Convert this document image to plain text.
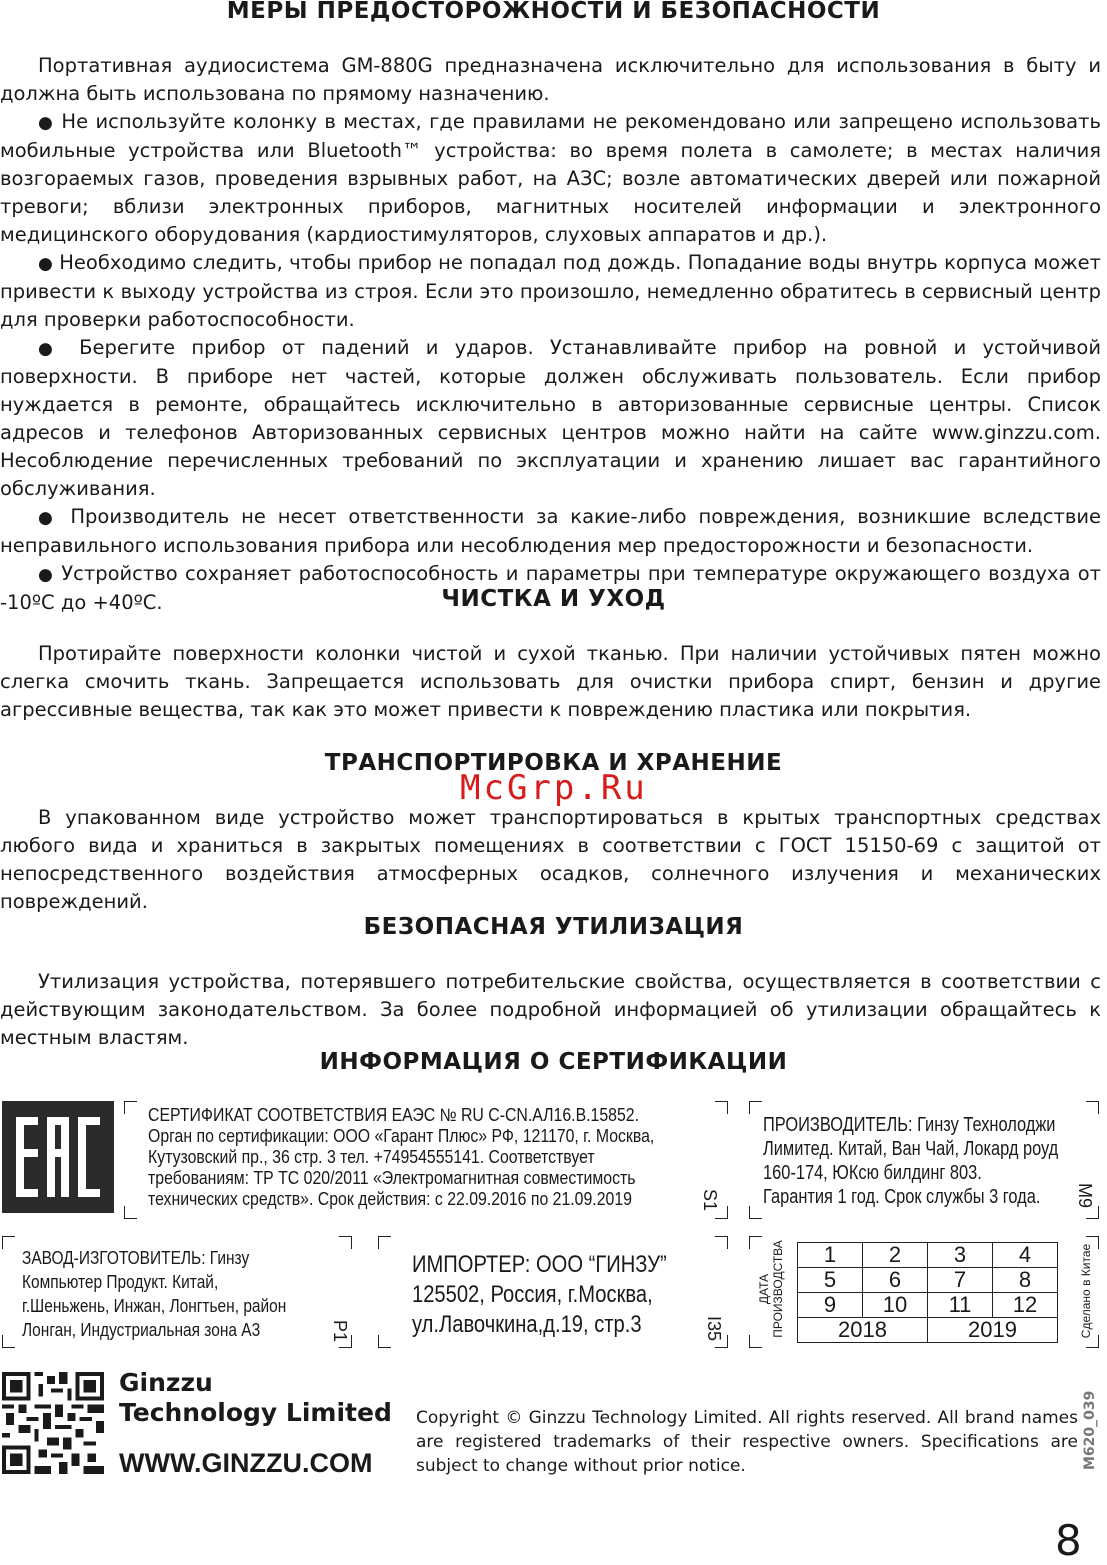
МЕРЫ ПРЕДОСТОРОЖНОСТИ И БЕЗОПАСНОСТИ

Портативная аудиосистема GM-880G предназначена исключительно для использования в быту и должна быть использована по прямому назначению.

● Не используйте колонку в местах, где правилами не рекомендовано или запрещено использовать мобильные устройства или Bluetooth™ устройства: во время полета в самолете; в местах наличия возгораемых газов, проведения взрывных работ, на АЗС; возле автоматических дверей или пожарной тревоги; вблизи электронных приборов, магнитных носителей информации и электронного медицинского оборудования (кардиостимуляторов, слуховых аппаратов и др.).

● Необходимо следить, чтобы прибор не попадал под дождь. Попадание воды внутрь корпуса может привести к выходу устройства из строя. Если это произошло, немедленно обратитесь в сервисный центр для проверки работоспособности.

● Берегите прибор от падений и ударов. Устанавливайте прибор на ровной и устойчивой поверхности. В приборе нет частей, которые должен обслуживать пользователь. Если прибор нуждается в ремонте, обращайтесь исключительно в авторизованные сервисные центры. Список адресов и телефонов Авторизованных сервисных центров можно найти на сайте www.ginzzu.com. Несоблюдение перечисленных требований по эксплуатации и хранению лишает вас гарантийного обслуживания.

● Производитель не несет ответственности за какие-либо повреждения, возникшие вследствие неправильного использования прибора или несоблюдения мер предосторожности и безопасности.

● Устройство сохраняет работоспособность и параметры при температуре окружающего воздуха от -10ºС до +40ºС.	ЧИСТКА И УХОД

Протирайте поверхности колонки чистой и сухой тканью. При наличии устойчивых пятен можно слегка смочить ткань. Запрещается использовать для очистки прибора спирт, бензин и другие агрессивные вещества, так как это может привести к повреждению пластика или покрытия.

ТРАНСПОРТИРОВКА И ХРАНЕНИЕ
McGrp.Ru

В упакованном виде устройство может транспортироваться в крытых транспортных средствах любого вида и храниться в закрытых помещениях в соответствии с ГОСТ 15150-69 с защитой от непосредственного воздействия атмосферных осадков, солнечного излучения и механических повреждений.

БЕЗОПАСНАЯ УТИЛИЗАЦИЯ

Утилизация устройства, потерявшего потребительские свойства, осуществляется в соответствии с действующим законодательством. За более подробной информацией об утилизации обращайтесь к местным властям.

ИНФОРМАЦИЯ О СЕРТИФИКАЦИИ
СЕРТИФИКАТ СООТВЕТСТВИЯ ЕАЭС № RU C-CN.АЛ16.В.15852.
Орган по сертификации: ООО «Гарант Плюс» РФ, 121170, г. Москва,
Кутузовский пр., 36 стр. 3 тел. +74954555141. Соответствует
требованиям: ТР ТС 020/2011 «Электромагнитная совместимость
технических средств». Срок действия: с 22.09.2016 по 21.09.2019	S1
ПРОИЗВОДИТЕЛЬ: Гинзу Технолоджи
Лимитед. Китай, Ван Чай, Локард роуд
160-174, ЮКсю билдинг 803.
Гарантия 1 год. Срок службы 3 года.	M9
ЗАВОД-ИЗГОТОВИТЕЛЬ: Гинзу
Компьютер Продукт. Китай,
г.Шеньжень, Инжан, Лонгтьен, район
Лонган, Индустриальная зона А3	P1
ИМПОРТЕР: ООО “ГИНЗУ”
125502, Россия, г.Москва,
ул.Лавочкина,д.19, стр.3	I35
ДАТА ПРОИЗВОДСТВА	Сделано в Китае
1	2	3	4
5	6	7	8
9	10	11	12
2018		2019	
Ginzzu
Technology Limited
WWW.GINZZU.COM
Copyright © Ginzzu Technology Limited. All rights reserved. All brand names are registered trademarks of their respective owners. Specifications are subject to change without prior notice.	M620_039
8
